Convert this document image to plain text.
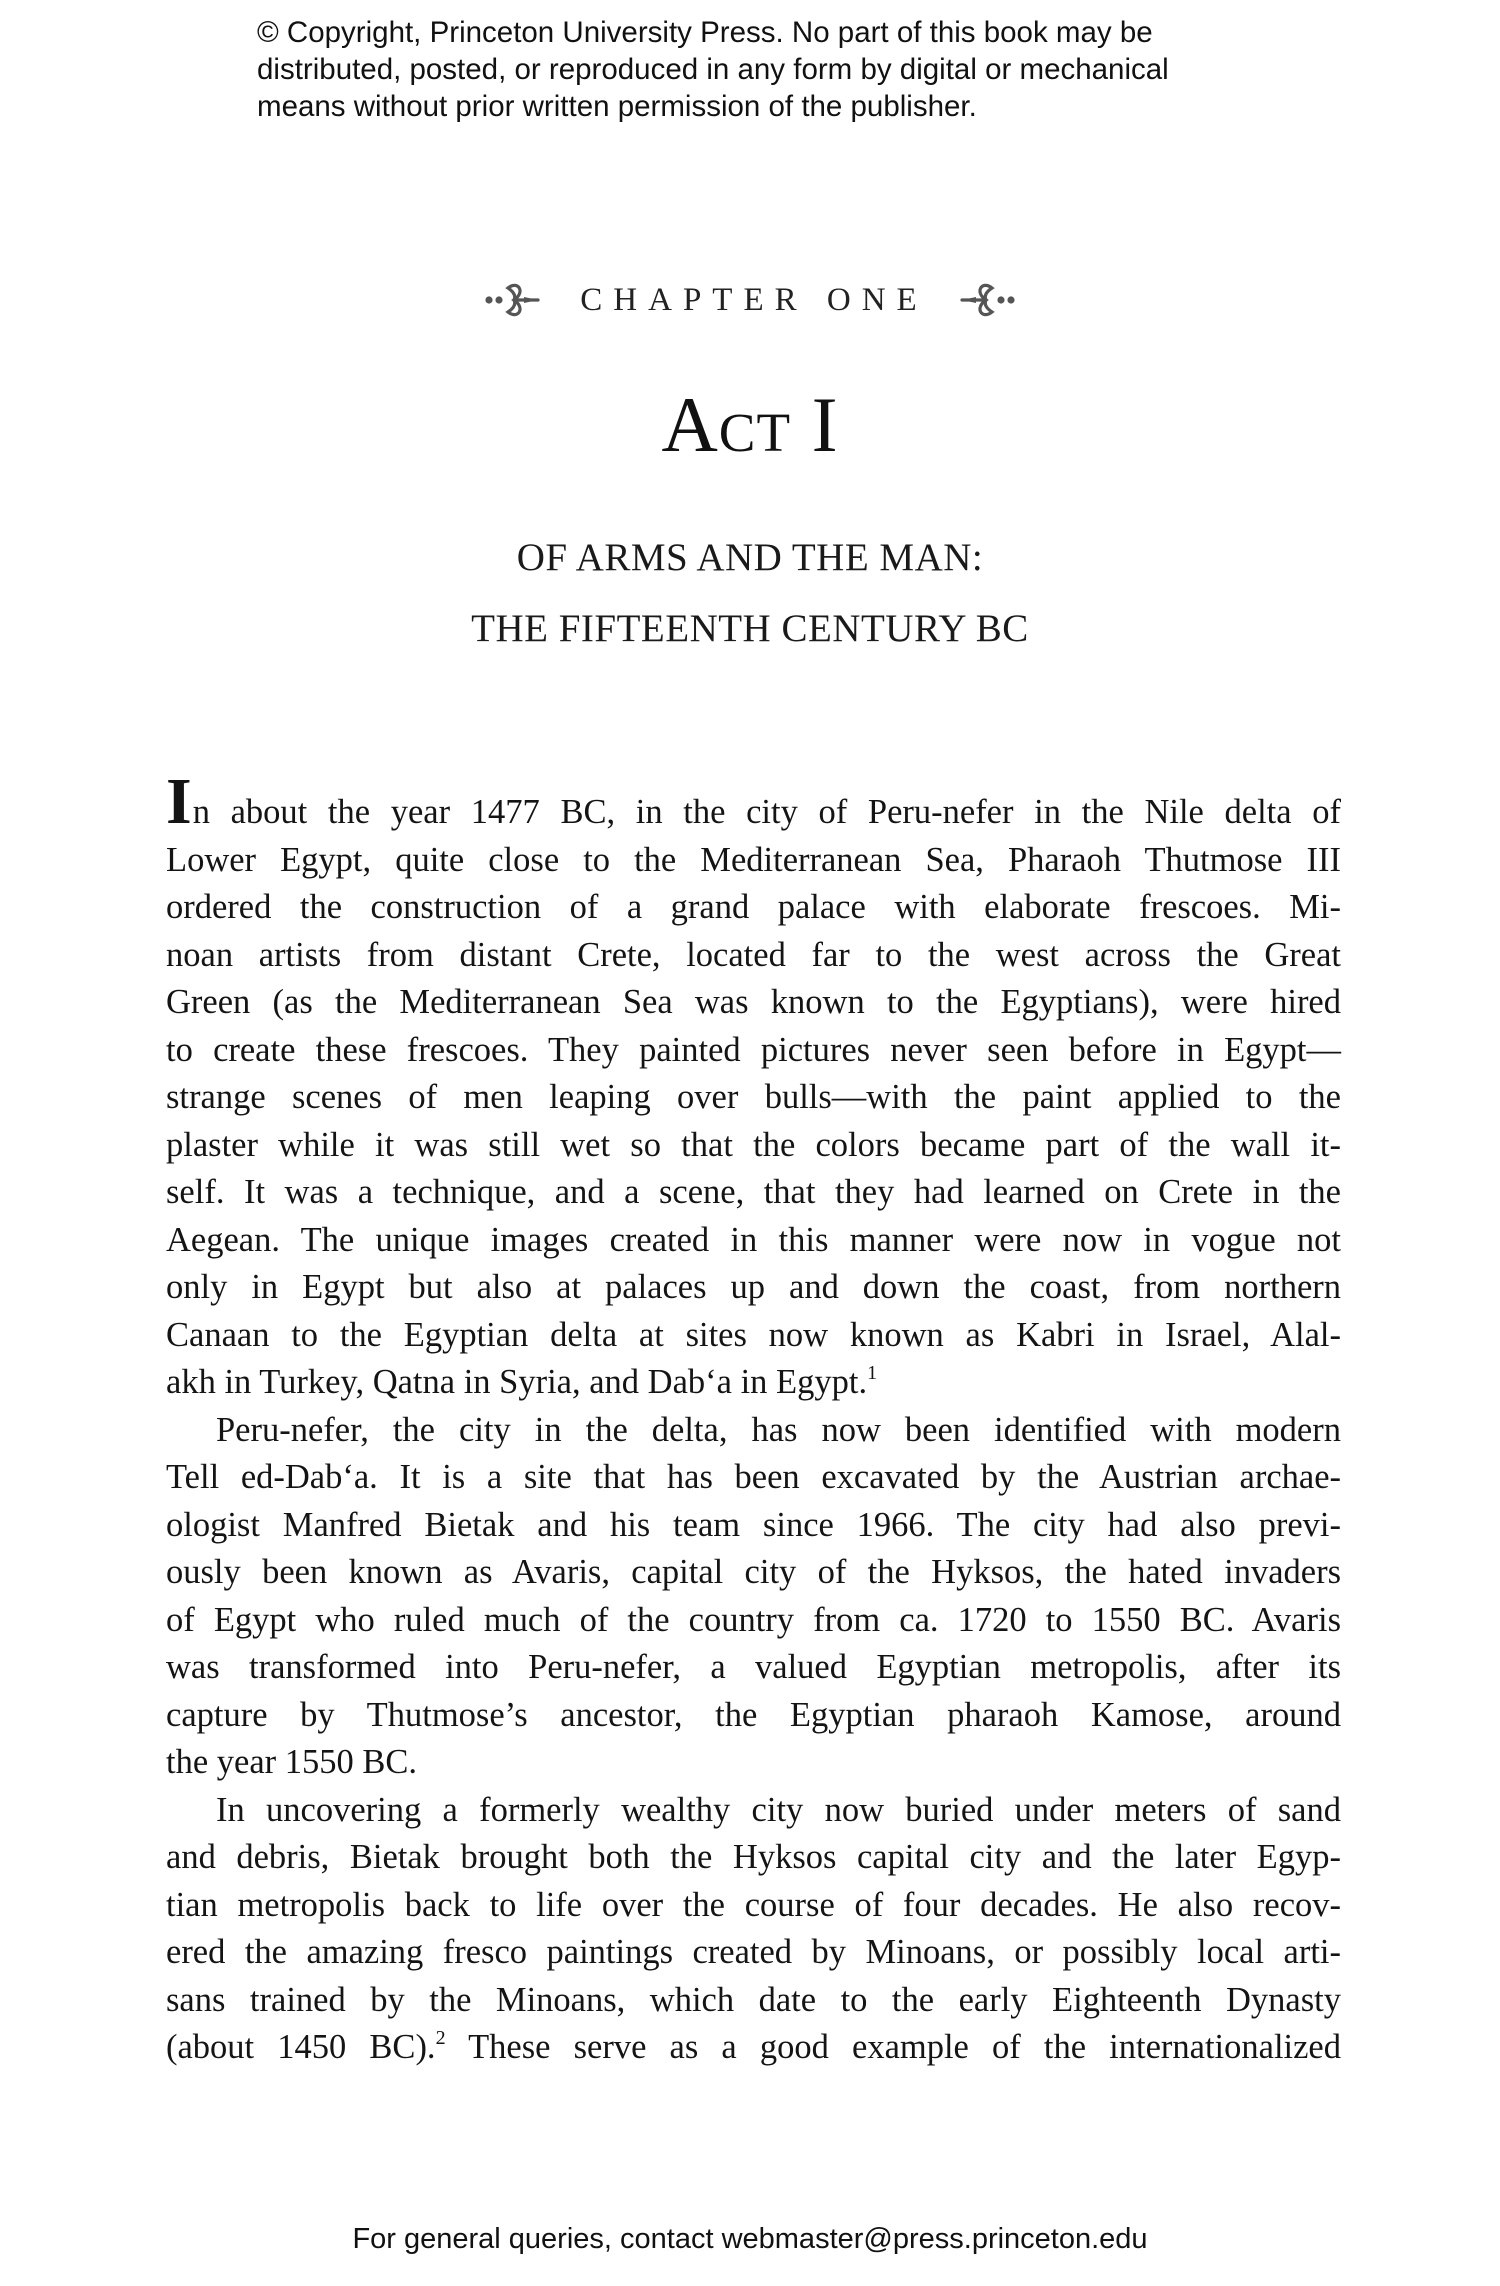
© Copyright, Princeton University Press. No part of this book may be
distributed, posted, or reproduced in any form by digital or mechanical
means without prior written permission of the publisher.
CHAPTER ONE
Act I
OF ARMS AND THE MAN:
THE FIFTEENTH CENTURY BC
In about the year 1477 BC, in the city of Peru-nefer in the Nile delta of
Lower Egypt, quite close to the Mediterranean Sea, Pharaoh Thutmose III
ordered the construction of a grand palace with elaborate frescoes. Mi-
noan artists from distant Crete, located far to the west across the Great
Green (as the Mediterranean Sea was known to the Egyptians), were hired
to create these frescoes. They painted pictures never seen before in Egypt—
strange scenes of men leaping over bulls—with the paint applied to the
plaster while it was still wet so that the colors became part of the wall it-
self. It was a technique, and a scene, that they had learned on Crete in the
Aegean. The unique images created in this manner were now in vogue not
only in Egypt but also at palaces up and down the coast, from northern
Canaan to the Egyptian delta at sites now known as Kabri in Israel, Alal-
akh in Turkey, Qatna in Syria, and Dab‘a in Egypt.$^1$
Peru-nefer, the city in the delta, has now been identified with modern
Tell ed-Dab‘a. It is a site that has been excavated by the Austrian archae-
ologist Manfred Bietak and his team since 1966. The city had also previ-
ously been known as Avaris, capital city of the Hyksos, the hated invaders
of Egypt who ruled much of the country from ca. 1720 to 1550 BC. Avaris
was transformed into Peru-nefer, a valued Egyptian metropolis, after its
capture by Thutmose’s ancestor, the Egyptian pharaoh Kamose, around
the year 1550 BC.
In uncovering a formerly wealthy city now buried under meters of sand
and debris, Bietak brought both the Hyksos capital city and the later Egyp-
tian metropolis back to life over the course of four decades. He also recov-
ered the amazing fresco paintings created by Minoans, or possibly local arti-
sans trained by the Minoans, which date to the early Eighteenth Dynasty
(about 1450 BC).$^2$ These serve as a good example of the internationalized
For general queries, contact webmaster@press.princeton.edu
